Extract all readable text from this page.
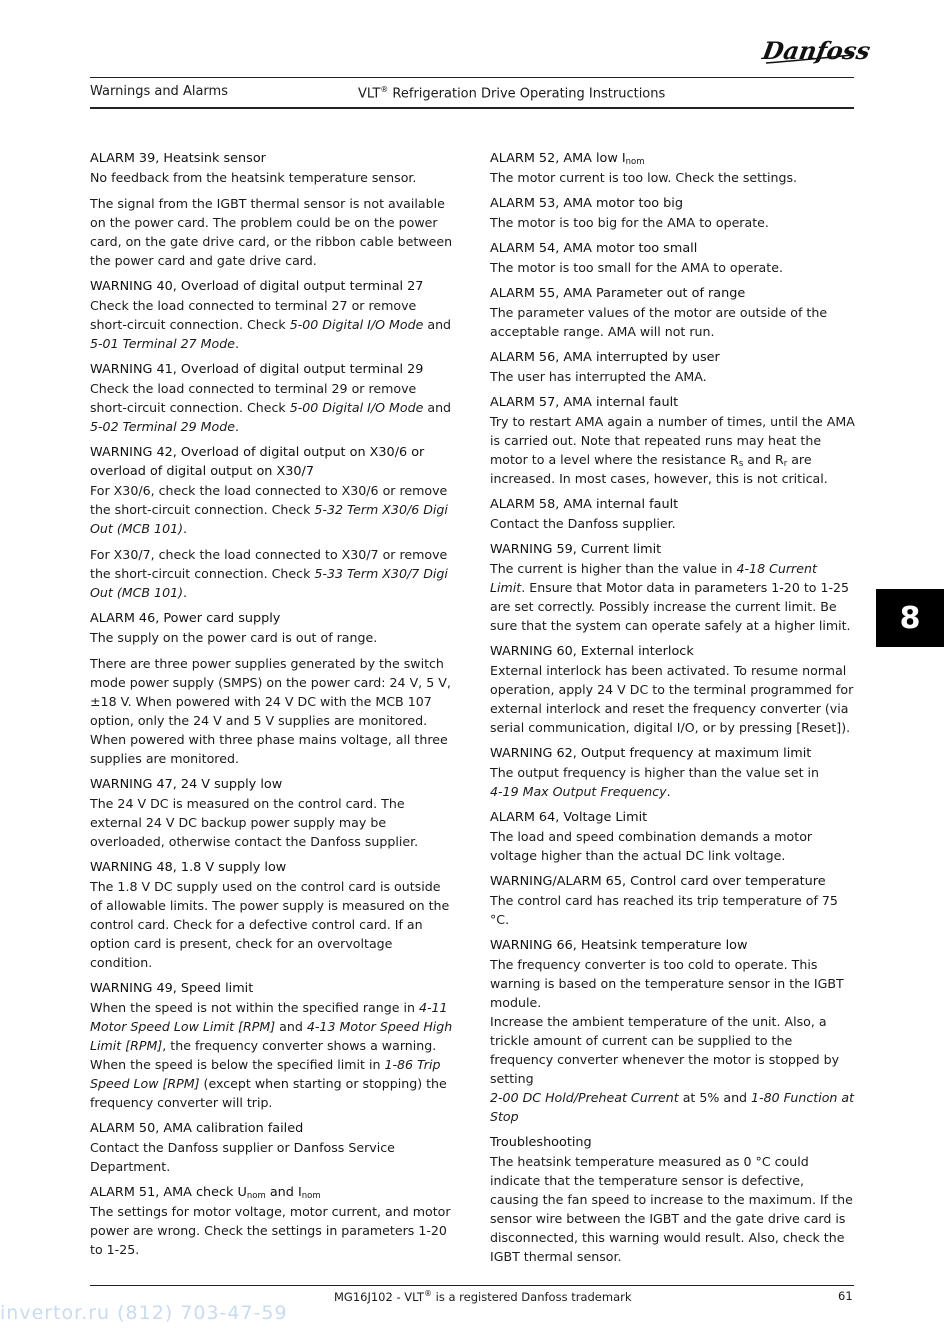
Danfoss
Warnings and Alarms	VLT® Refrigeration Drive Operating Instructions
ALARM 39, Heatsink sensor

No feedback from the heatsink temperature sensor.

The signal from the IGBT thermal sensor is not available on the power card. The problem could be on the power card, on the gate drive card, or the ribbon cable between the power card and gate drive card.

WARNING 40, Overload of digital output terminal 27

Check the load connected to terminal 27 or remove short-circuit connection. Check 5-00 Digital I/O Mode and
5-01 Terminal 27 Mode.

WARNING 41, Overload of digital output terminal 29

Check the load connected to terminal 29 or remove short-circuit connection. Check 5-00 Digital I/O Mode and
5-02 Terminal 29 Mode.

WARNING 42, Overload of digital output on X30/6 or overload of digital output on X30/7

For X30/6, check the load connected to X30/6 or remove the short-circuit connection. Check 5-32 Term X30/6 Digi Out (MCB 101).

For X30/7, check the load connected to X30/7 or remove the short-circuit connection. Check 5-33 Term X30/7 Digi Out (MCB 101).

ALARM 46, Power card supply

The supply on the power card is out of range.

There are three power supplies generated by the switch mode power supply (SMPS) on the power card: 24 V, 5 V, ±18 V. When powered with 24 V DC with the MCB 107 option, only the 24 V and 5 V supplies are monitored. When powered with three phase mains voltage, all three supplies are monitored.

WARNING 47, 24 V supply low

The 24 V DC is measured on the control card. The external 24 V DC backup power supply may be overloaded, otherwise contact the Danfoss supplier.

WARNING 48, 1.8 V supply low

The 1.8 V DC supply used on the control card is outside of allowable limits. The power supply is measured on the control card. Check for a defective control card. If an option card is present, check for an overvoltage condition.

WARNING 49, Speed limit

When the speed is not within the specified range in 4-11 Motor Speed Low Limit [RPM] and 4-13 Motor Speed High Limit [RPM], the frequency converter shows a warning. When the speed is below the specified limit in 1-86 Trip Speed Low [RPM] (except when starting or stopping) the frequency converter will trip.

ALARM 50, AMA calibration failed

Contact the Danfoss supplier or Danfoss Service Department.

ALARM 51, AMA check $U_{nom}$ and $I_{nom}$

The settings for motor voltage, motor current, and motor power are wrong. Check the settings in parameters 1-20 to 1-25.

ALARM 52, AMA low $I_{nom}$

The motor current is too low. Check the settings.

ALARM 53, AMA motor too big

The motor is too big for the AMA to operate.

ALARM 54, AMA motor too small

The motor is too small for the AMA to operate.

ALARM 55, AMA Parameter out of range

The parameter values of the motor are outside of the acceptable range. AMA will not run.

ALARM 56, AMA interrupted by user

The user has interrupted the AMA.

ALARM 57, AMA internal fault

Try to restart AMA again a number of times, until the AMA is carried out. Note that repeated runs may heat the motor to a level where the resistance $R_s$ and $R_r$ are increased. In most cases, however, this is not critical.

ALARM 58, AMA internal fault

Contact the Danfoss supplier.

WARNING 59, Current limit

The current is higher than the value in 4-18 Current Limit. Ensure that Motor data in parameters 1-20 to 1-25 are set correctly. Possibly increase the current limit. Be sure that the system can operate safely at a higher limit.

WARNING 60, External interlock

External interlock has been activated. To resume normal operation, apply 24 V DC to the terminal programmed for external interlock and reset the frequency converter (via serial communication, digital I/O, or by pressing [Reset]).

WARNING 62, Output frequency at maximum limit

The output frequency is higher than the value set in
4-19 Max Output Frequency.

ALARM 64, Voltage Limit

The load and speed combination demands a motor voltage higher than the actual DC link voltage.

WARNING/ALARM 65, Control card over temperature

The control card has reached its trip temperature of 75 °C.

WARNING 66, Heatsink temperature low

The frequency converter is too cold to operate. This warning is based on the temperature sensor in the IGBT module.

Increase the ambient temperature of the unit. Also, a trickle amount of current can be supplied to the frequency converter whenever the motor is stopped by setting
2-00 DC Hold/Preheat Current at 5% and 1-80 Function at Stop

Troubleshooting

The heatsink temperature measured as 0 °C could indicate that the temperature sensor is defective, causing the fan speed to increase to the maximum. If the sensor wire between the IGBT and the gate drive card is disconnected, this warning would result. Also, check the IGBT thermal sensor.

8
MG16J102 - VLT® is a registered Danfoss trademark	61
invertor.ru (812) 703-47-59
